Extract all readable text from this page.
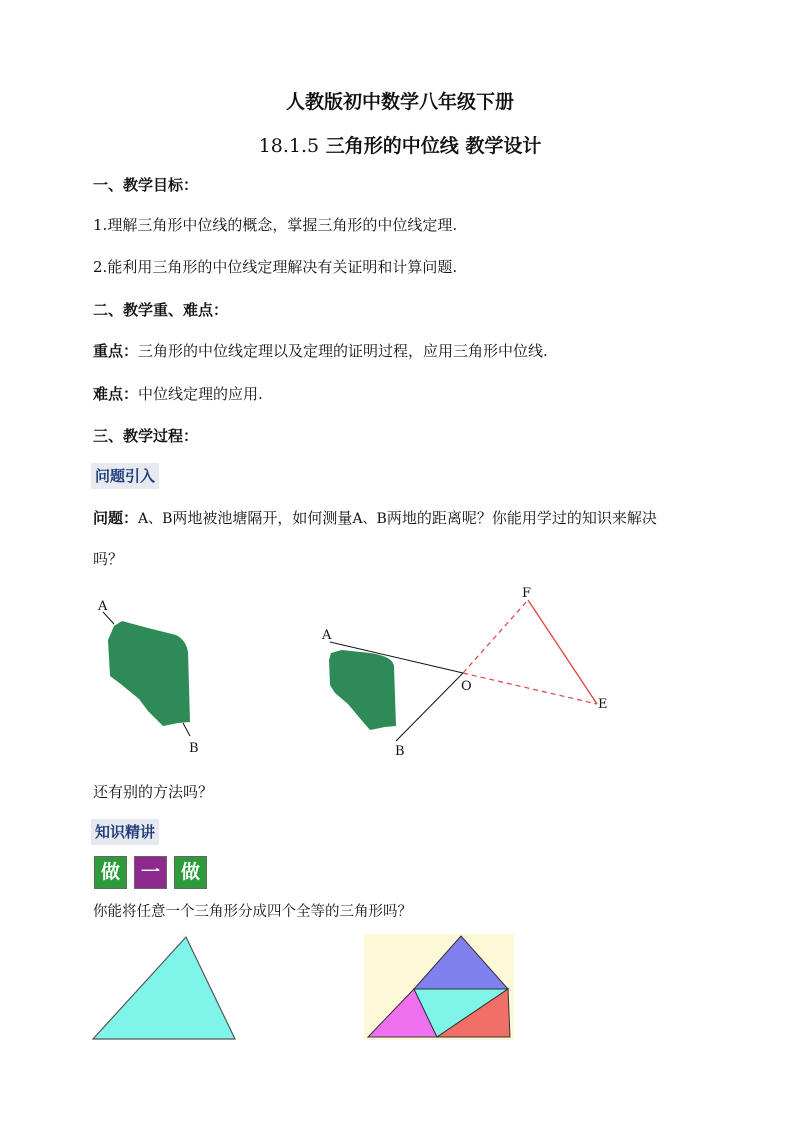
人教版初中数学八年级下册
18.1.5 三角形的中位线 教学设计
一、教学目标：
1.理解三角形中位线的概念，掌握三角形的中位线定理.
2.能利用三角形的中位线定理解决有关证明和计算问题.
二、教学重、难点：
重点：三角形的中位线定理以及定理的证明过程，应用三角形中位线.
难点：中位线定理的应用.
三、教学过程：
问题引入
问题：A、B两地被池塘隔开，如何测量A、B两地的距离呢？你能用学过的知识来解决
吗？
A
B
A
B
O
F
E
还有别的方法吗？
知识精讲
做	一	做
你能将任意一个三角形分成四个全等的三角形吗？
